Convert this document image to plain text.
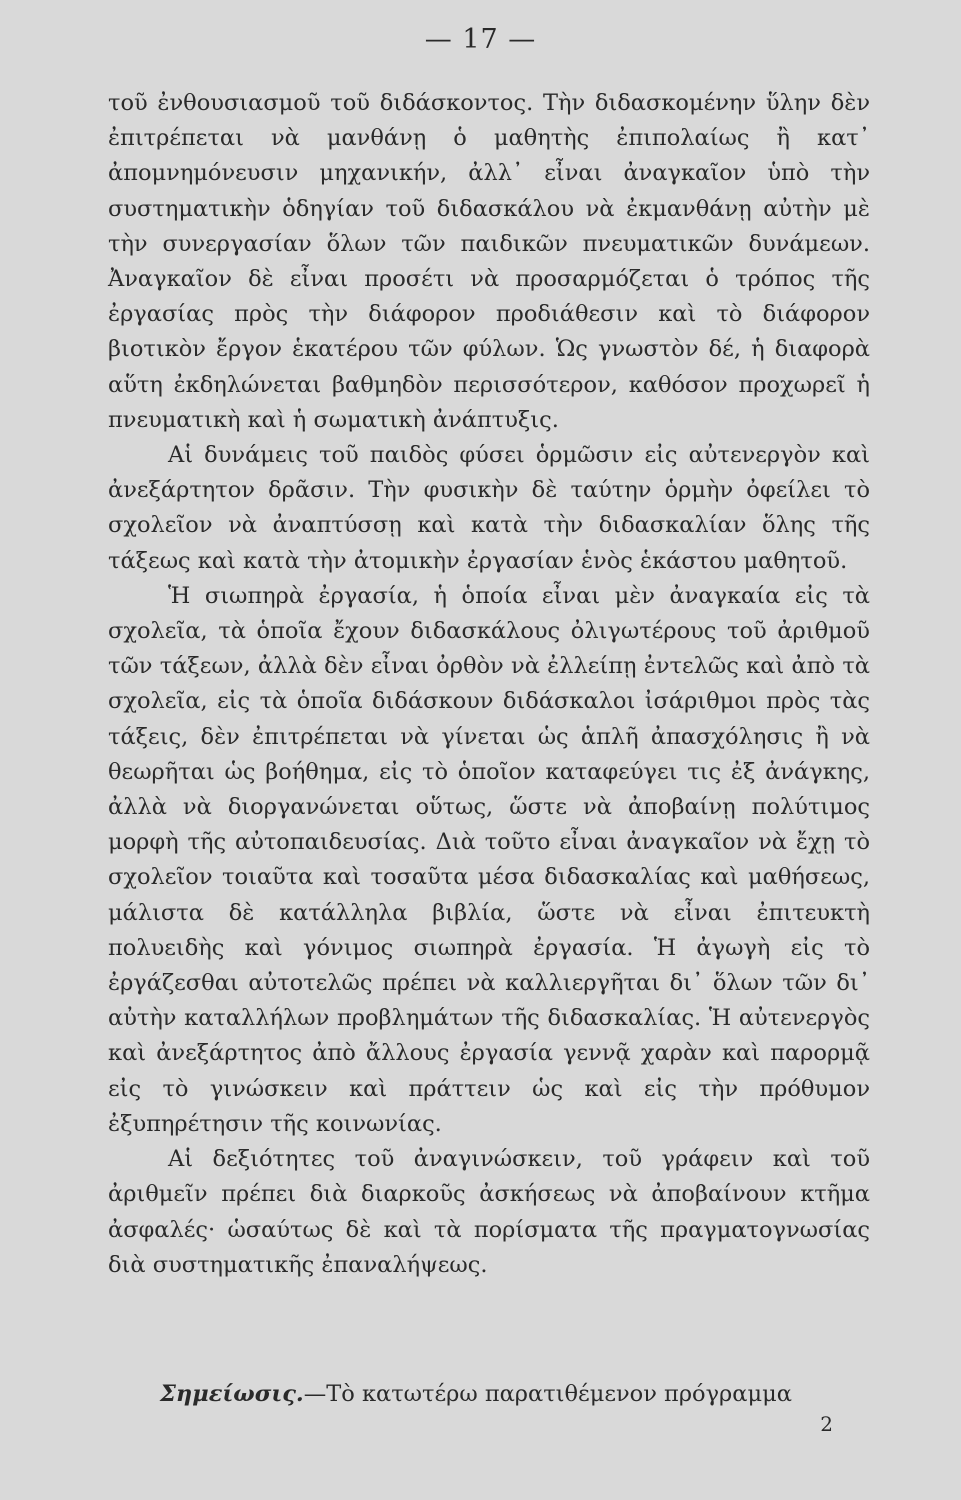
— 17 —

τοῦ ἐνθουσιασμοῦ τοῦ διδάσκοντος. Τὴν διδασκομένην ὕλην δὲν ἐπιτρέπεται νὰ μανθάνῃ ὁ μαθητὴς ἐπιπολαίως ἢ κατ᾽ ἀπομνημόνευσιν μηχανικήν, ἀλλ᾽ εἶναι ἀναγκαῖον ὑπὸ τὴν συστηματικὴν ὁδηγίαν τοῦ διδασκάλου νὰ ἐκμανθάνῃ αὐτὴν μὲ τὴν συνεργασίαν ὅλων τῶν παιδικῶν πνευματικῶν δυνάμεων. Ἀναγκαῖον δὲ εἶναι προσέτι νὰ προσαρμόζεται ὁ τρόπος τῆς ἐργασίας πρὸς τὴν διάφορον προδιάθεσιν καὶ τὸ διάφορον βιοτικὸν ἔργον ἑκατέρου τῶν φύλων. Ὡς γνωστὸν δέ, ἡ διαφορὰ αὕτη ἐκδηλώνεται βαθμηδὸν περισσότερον, καθόσον προχωρεῖ ἡ πνευματικὴ καὶ ἡ σωματικὴ ἀνάπτυξις.

Αἱ δυνάμεις τοῦ παιδὸς φύσει ὁρμῶσιν εἰς αὐτενεργὸν καὶ ἀνεξάρτητον δρᾶσιν. Τὴν φυσικὴν δὲ ταύτην ὁρμὴν ὀφείλει τὸ σχολεῖον νὰ ἀναπτύσσῃ καὶ κατὰ τὴν διδασκαλίαν ὅλης τῆς τάξεως καὶ κατὰ τὴν ἀτομικὴν ἐργασίαν ἑνὸς ἑκάστου μαθητοῦ.

Ἡ σιωπηρὰ ἐργασία, ἡ ὁποία εἶναι μὲν ἀναγκαία εἰς τὰ σχολεῖα, τὰ ὁποῖα ἔχουν διδασκάλους ὀλιγωτέρους τοῦ ἀριθμοῦ τῶν τάξεων, ἀλλὰ δὲν εἶναι ὀρθὸν νὰ ἐλλείπῃ ἐντελῶς καὶ ἀπὸ τὰ σχολεῖα, εἰς τὰ ὁποῖα διδάσκουν διδάσκαλοι ἰσάριθμοι πρὸς τὰς τάξεις, δὲν ἐπιτρέπεται νὰ γίνεται ὡς ἁπλῆ ἀπασχόλησις ἢ νὰ θεωρῆται ὡς βοήθημα, εἰς τὸ ὁποῖον καταφεύγει τις ἐξ ἀνάγκης, ἀλλὰ νὰ διοργανώνεται οὕτως, ὥστε νὰ ἀποβαίνῃ πολύτιμος μορφὴ τῆς αὐτοπαιδευσίας. Διὰ τοῦτο εἶναι ἀναγκαῖον νὰ ἔχῃ τὸ σχολεῖον τοιαῦτα καὶ τοσαῦτα μέσα διδασκαλίας καὶ μαθήσεως, μάλιστα δὲ κατάλληλα βιβλία, ὥστε νὰ εἶναι ἐπιτευκτὴ πολυειδὴς καὶ γόνιμος σιωπηρὰ ἐργασία. Ἡ ἀγωγὴ εἰς τὸ ἐργάζεσθαι αὐτοτελῶς πρέπει νὰ καλλιεργῆται δι᾽ ὅλων τῶν δι᾽ αὐτὴν καταλλήλων προβλημάτων τῆς διδασκαλίας. Ἡ αὐτενεργὸς καὶ ἀνεξάρτητος ἀπὸ ἄλλους ἐργασία γεννᾷ χαρὰν καὶ παρορμᾷ εἰς τὸ γινώσκειν καὶ πράττειν ὡς καὶ εἰς τὴν πρόθυμον ἐξυπηρέτησιν τῆς κοινωνίας.

Αἱ δεξιότητες τοῦ ἀναγινώσκειν, τοῦ γράφειν καὶ τοῦ ἀριθμεῖν πρέπει διὰ διαρκοῦς ἀσκήσεως νὰ ἀποβαίνουν κτῆμα ἀσφαλές· ὡσαύτως δὲ καὶ τὰ πορίσματα τῆς πραγματογνωσίας διὰ συστηματικῆς ἐπαναλήψεως.

Σημείωσις.—Τὸ κατωτέρω παρατιθέμενον πρόγραμμα
2
